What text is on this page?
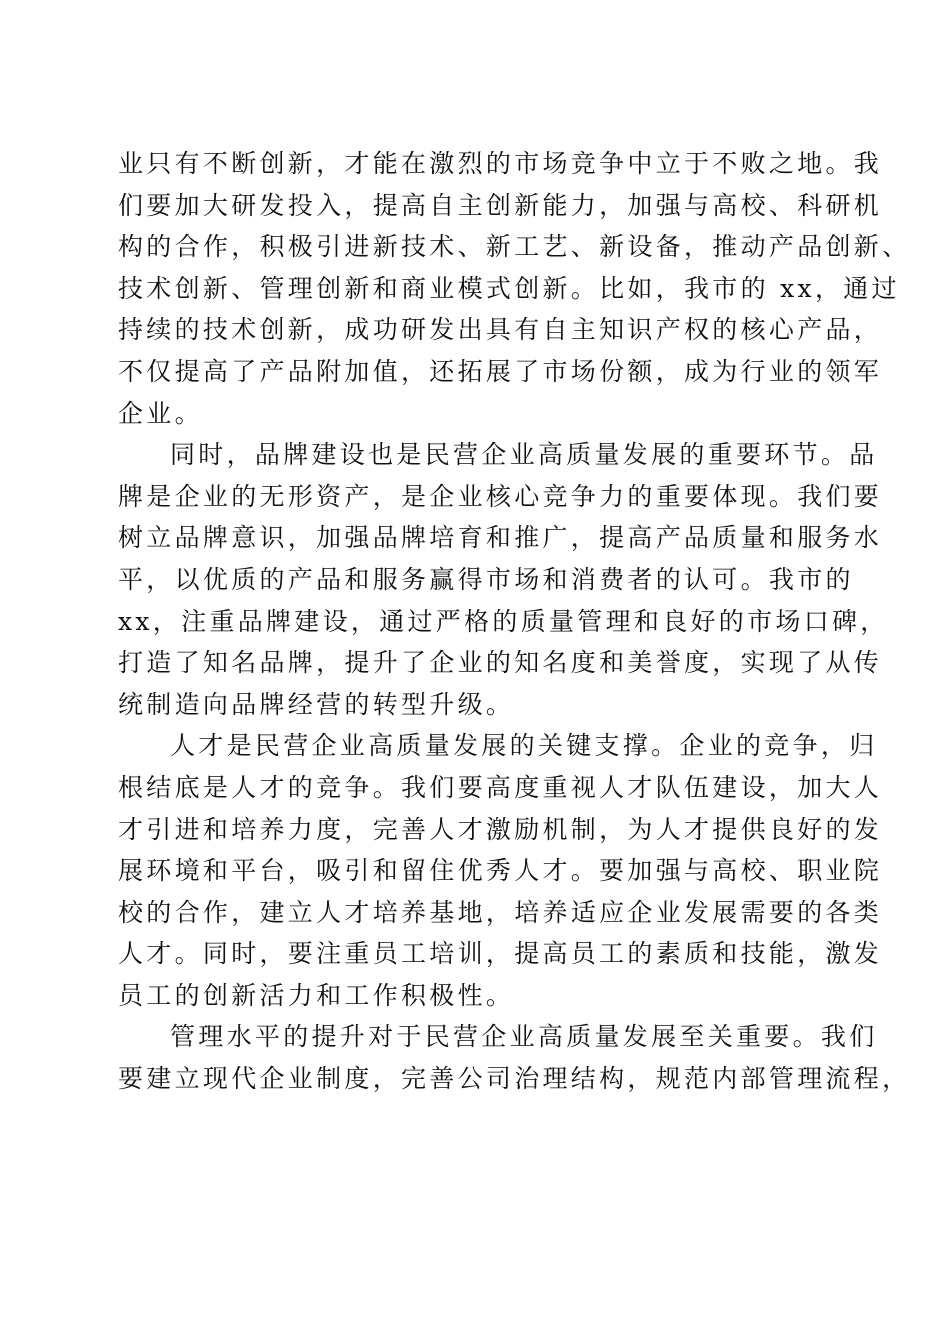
业只有不断创新，才能在激烈的市场竞争中立于不败之地。我
们要加大研发投入，提高自主创新能力，加强与高校、科研机
构的合作，积极引进新技术、新工艺、新设备，推动产品创新、
技术创新、管理创新和商业模式创新。比如，我市的 xx，通过
持续的技术创新，成功研发出具有自主知识产权的核心产品，
不仅提高了产品附加值，还拓展了市场份额，成为行业的领军
企业。
同时，品牌建设也是民营企业高质量发展的重要环节。品
牌是企业的无形资产，是企业核心竞争力的重要体现。我们要
树立品牌意识，加强品牌培育和推广，提高产品质量和服务水
平，以优质的产品和服务赢得市场和消费者的认可。我市的
xx，注重品牌建设，通过严格的质量管理和良好的市场口碑，
打造了知名品牌，提升了企业的知名度和美誉度，实现了从传
统制造向品牌经营的转型升级。
人才是民营企业高质量发展的关键支撑。企业的竞争，归
根结底是人才的竞争。我们要高度重视人才队伍建设，加大人
才引进和培养力度，完善人才激励机制，为人才提供良好的发
展环境和平台，吸引和留住优秀人才。要加强与高校、职业院
校的合作，建立人才培养基地，培养适应企业发展需要的各类
人才。同时，要注重员工培训，提高员工的素质和技能，激发
员工的创新活力和工作积极性。
管理水平的提升对于民营企业高质量发展至关重要。我们
要建立现代企业制度，完善公司治理结构，规范内部管理流程，
